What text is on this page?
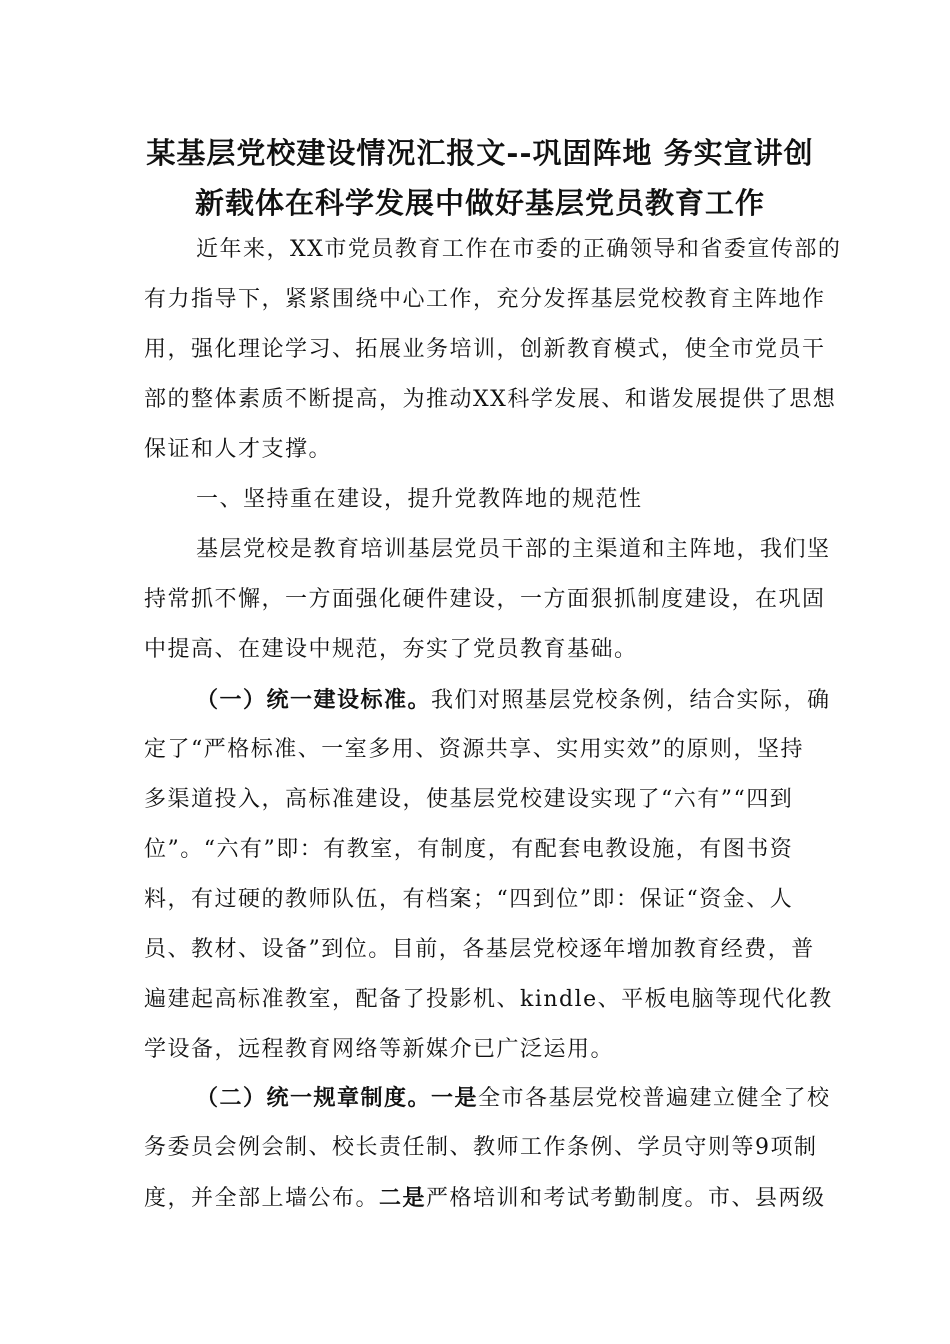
某基层党校建设情况汇报文--巩固阵地 务实宣讲创
新载体在科学发展中做好基层党员教育工作
近年来，XX市党员教育工作在市委的正确领导和省委宣传部的
有力指导下，紧紧围绕中心工作，充分发挥基层党校教育主阵地作
用，强化理论学习、拓展业务培训，创新教育模式，使全市党员干
部的整体素质不断提高，为推动XX科学发展、和谐发展提供了思想
保证和人才支撑。
一、坚持重在建设，提升党教阵地的规范性
基层党校是教育培训基层党员干部的主渠道和主阵地，我们坚
持常抓不懈，一方面强化硬件建设，一方面狠抓制度建设，在巩固
中提高、在建设中规范，夯实了党员教育基础。
（一）统一建设标准。我们对照基层党校条例，结合实际，确
定了“严格标准、一室多用、资源共享、实用实效”的原则，坚持
多渠道投入，高标准建设，使基层党校建设实现了“六有”“四到
位”。“六有”即：有教室，有制度，有配套电教设施，有图书资
料，有过硬的教师队伍，有档案；“四到位”即：保证“资金、人
员、教材、设备”到位。目前，各基层党校逐年增加教育经费，普
遍建起高标准教室，配备了投影机、kindle、平板电脑等现代化教
学设备，远程教育网络等新媒介已广泛运用。
（二）统一规章制度。一是全市各基层党校普遍建立健全了校
务委员会例会制、校长责任制、教师工作条例、学员守则等9项制
度，并全部上墙公布。二是严格培训和考试考勤制度。市、县两级
